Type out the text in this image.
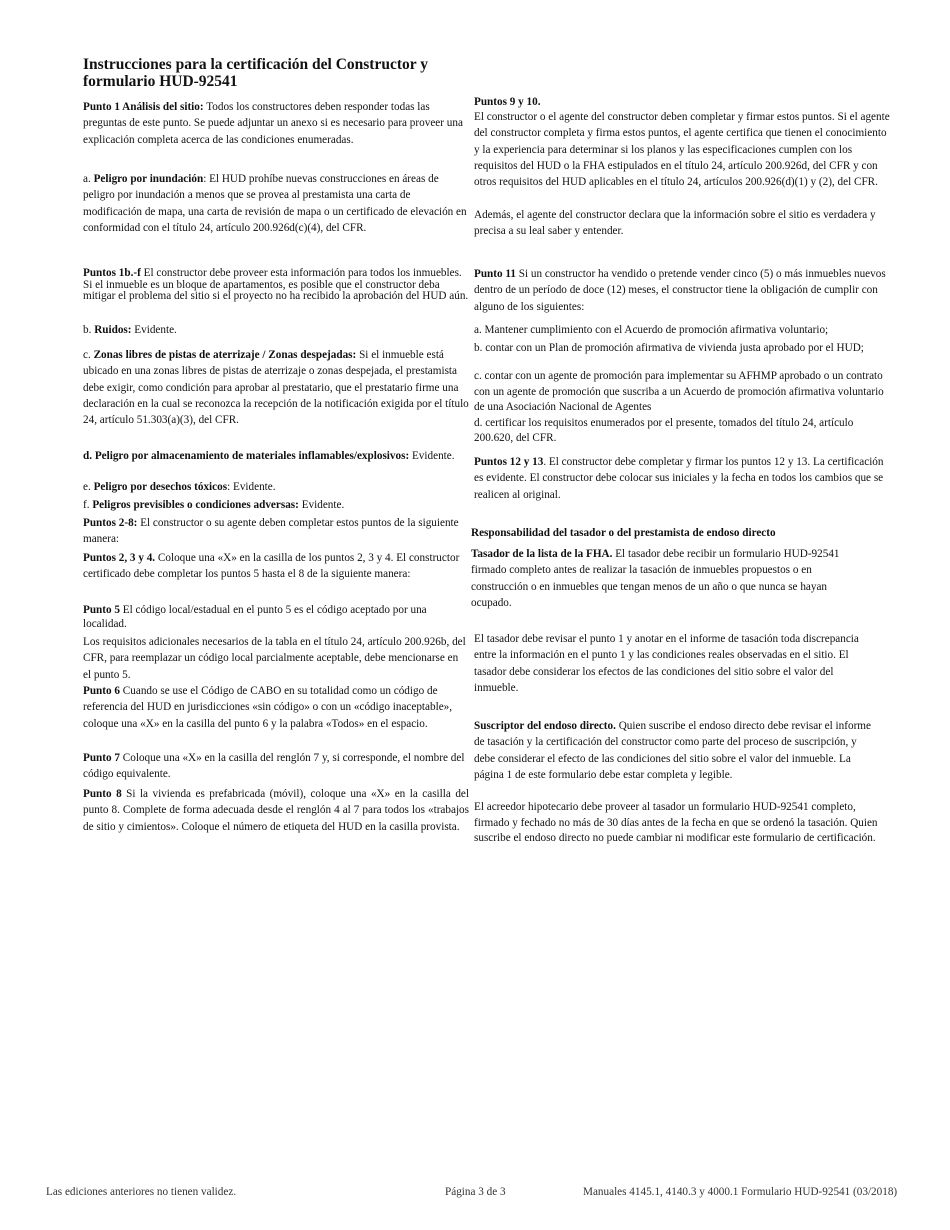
Instrucciones para la certificación del Constructor y formulario HUD-92541

Punto 1 Análisis del sitio: Todos los constructores deben responder todas las preguntas de este punto. Se puede adjuntar un anexo si es necesario para proveer una explicación completa acerca de las condiciones enumeradas.

a. Peligro por inundación: El HUD prohíbe nuevas construcciones en áreas de peligro por inundación a menos que se provea al prestamista una carta de modificación de mapa, una carta de revisión de mapa o un certificado de elevación en conformidad con el título 24, artículo 200.926d(c)(4), del CFR.

Puntos 1b.-f El constructor debe proveer esta información para todos los inmuebles. Si el inmueble es un bloque de apartamentos, es posible que el constructor deba mitigar el problema del sitio si el proyecto no ha recibido la aprobación del HUD aún.

b. Ruidos: Evidente.

c. Zonas libres de pistas de aterrizaje / Zonas despejadas: Si el inmueble está ubicado en una zonas libres de pistas de aterrizaje o zonas despejada, el prestamista debe exigir, como condición para aprobar al prestatario, que el prestatario firme una declaración en la cual se reconozca la recepción de la notificación exigida por el título 24, artículo 51.303(a)(3), del CFR.

d. Peligro por almacenamiento de materiales inflamables/explosivos: Evidente.

e. Peligro por desechos tóxicos: Evidente.

f. Peligros previsibles o condiciones adversas: Evidente.

Puntos 2-8: El constructor o su agente deben completar estos puntos de la siguiente manera:

Puntos 2, 3 y 4. Coloque una «X» en la casilla de los puntos 2, 3 y 4. El constructor certificado debe completar los puntos 5 hasta el 8 de la siguiente manera:

Punto 5 El código local/estadual en el punto 5 es el código aceptado por una localidad.

Los requisitos adicionales necesarios de la tabla en el título 24, artículo 200.926b, del CFR, para reemplazar un código local parcialmente aceptable, debe mencionarse en el punto 5.

Punto 6 Cuando se use el Código de CABO en su totalidad como un código de referencia del HUD en jurisdicciones «sin código» o con un «código inaceptable», coloque una «X» en la casilla del punto 6 y la palabra «Todos» en el espacio.

Punto 7 Coloque una «X» en la casilla del renglón 7 y, si corresponde, el nombre del código equivalente.

Punto 8 Si la vivienda es prefabricada (móvil), coloque una «X» en la casilla del punto 8. Complete de forma adecuada desde el renglón 4 al 7 para todos los «trabajos de sitio y cimientos». Coloque el número de etiqueta del HUD en la casilla provista.

Puntos 9 y 10.

El constructor o el agente del constructor deben completar y firmar estos puntos. Si el agente del constructor completa y firma estos puntos, el agente certifica que tienen el conocimiento y la experiencia para determinar si los planos y las especificaciones cumplen con los requisitos del HUD o la FHA estipulados en el título 24, artículo 200.926d, del CFR y con otros requisitos del HUD aplicables en el título 24, artículos 200.926(d)(1) y (2), del CFR.

Además, el agente del constructor declara que la información sobre el sitio es verdadera y precisa a su leal saber y entender.

Punto 11 Si un constructor ha vendido o pretende vender cinco (5) o más inmuebles nuevos dentro de un período de doce (12) meses, el constructor tiene la obligación de cumplir con alguno de los siguientes:

a. Mantener cumplimiento con el Acuerdo de promoción afirmativa voluntario;

b. contar con un Plan de promoción afirmativa de vivienda justa aprobado por el HUD;

c. contar con un agente de promoción para implementar su AFHMP aprobado o un contrato con un agente de promoción que suscriba a un Acuerdo de promoción afirmativa voluntario de una Asociación Nacional de Agentes

d. certificar los requisitos enumerados por el presente, tomados del título 24, artículo 200.620, del CFR.

Puntos 12 y 13. El constructor debe completar y firmar los puntos 12 y 13. La certificación es evidente. El constructor debe colocar sus iniciales y la fecha en todos los cambios que se realicen al original.

Responsabilidad del tasador o del prestamista de endoso directo

Tasador de la lista de la FHA. El tasador debe recibir un formulario HUD-92541 firmado completo antes de realizar la tasación de inmuebles propuestos o en construcción o en inmuebles que tengan menos de un año o que nunca se hayan ocupado.

El tasador debe revisar el punto 1 y anotar en el informe de tasación toda discrepancia entre la información en el punto 1 y las condiciones reales observadas en el sitio. El tasador debe considerar los efectos de las condiciones del sitio sobre el valor del inmueble.

Suscriptor del endoso directo. Quien suscribe el endoso directo debe revisar el informe de tasación y la certificación del constructor como parte del proceso de suscripción, y debe considerar el efecto de las condiciones del sitio sobre el valor del inmueble. La página 1 de este formulario debe estar completa y legible.

El acreedor hipotecario debe proveer al tasador un formulario HUD-92541 completo, firmado y fechado no más de 30 días antes de la fecha en que se ordenó la tasación. Quien suscribe el endoso directo no puede cambiar ni modificar este formulario de certificación.

Las ediciones anteriores no tienen validez.	Página 3 de 3	Manuales 4145.1, 4140.3 y 4000.1 Formulario HUD-92541 (03/2018)
